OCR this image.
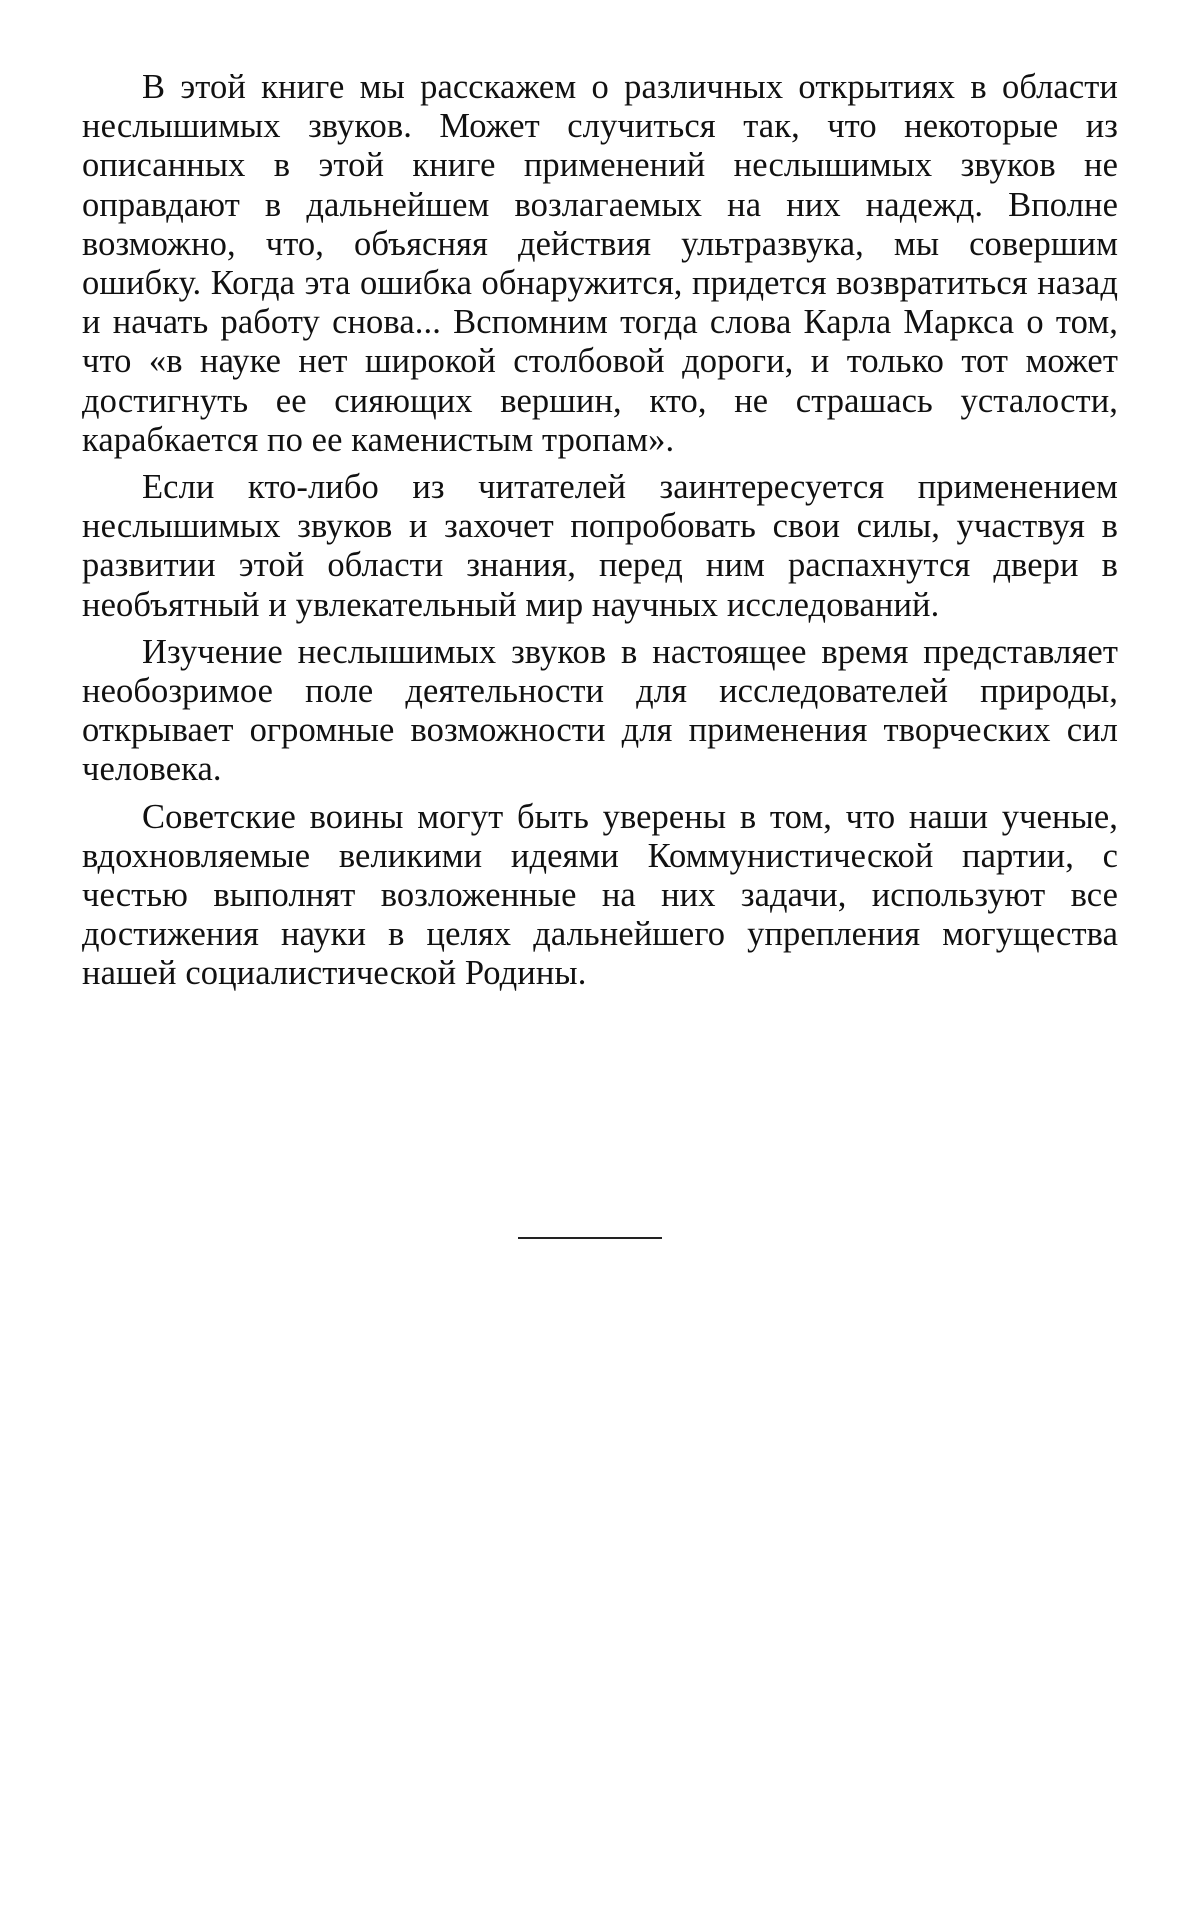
В этой книге мы расскажем о различных открытиях в области неслышимых звуков. Может случиться так, что некоторые из описанных в этой книге применений неслышимых звуков не оправдают в дальнейшем возлагаемых на них надежд. Вполне возможно, что, объясняя действия ультразвука, мы совершим ошибку. Когда эта ошибка обнаружится, придется возвратиться назад и начать работу снова... Вспомним тогда слова Карла Маркса о том, что «в науке нет широкой столбовой дороги, и только тот может достигнуть ее сияющих вершин, кто, не страшась усталости, карабкается по ее каменистым тропам».

Если кто-либо из читателей заинтересуется применением неслышимых звуков и захочет попробовать свои силы, участвуя в развитии этой области знания, перед ним распахнутся двери в необъятный и увлекательный мир научных исследований.

Изучение неслышимых звуков в настоящее время представляет необозримое поле деятельности для исследователей природы, открывает огромные возможности для применения творческих сил человека.

Советские воины могут быть уверены в том, что наши ученые, вдохновляемые великими идеями Коммунистической партии, с честью выполнят возложенные на них задачи, используют все достижения науки в целях дальнейшего упрепления могущества нашей социалистической Родины.
